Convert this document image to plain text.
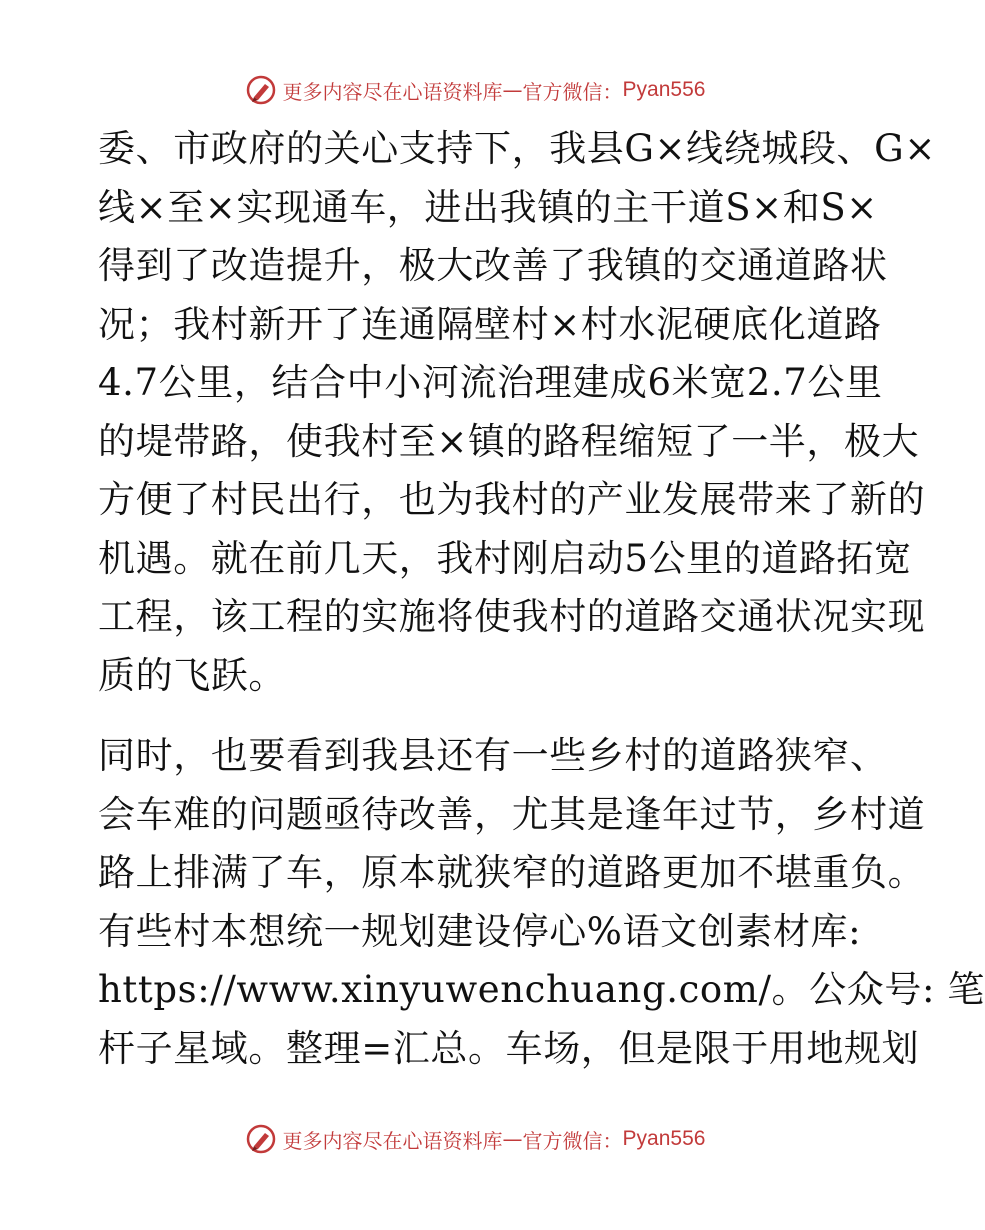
更多内容尽在心语资料库 — 官方微信： Pyan556
委、市政府的关心支持下，我县G×线绕城段、G×
线×至×实现通车，进出我镇的主干道S×和S×
得到了改造提升，极大改善了我镇的交通道路状
况；我村新开了连通隔壁村×村水泥硬底化道路
4.7公里，结合中小河流治理建成6米宽2.7公里
的堤带路，使我村至×镇的路程缩短了一半，极大
方便了村民出行，也为我村的产业发展带来了新的
机遇。就在前几天，我村刚启动5公里的道路拓宽
工程，该工程的实施将使我村的道路交通状况实现
质的飞跃。
同时，也要看到我县还有一些乡村的道路狭窄、
会车难的问题亟待改善，尤其是逢年过节，乡村道
路上排满了车，原本就狭窄的道路更加不堪重负。
有些村本想统一规划建设停心%语文创素材库:
https://www.xinyuwenchuang.com/。公众号: 笔
杆子星域。整理=汇总。车场，但是限于用地规划
更多内容尽在心语资料库 — 官方微信： Pyan556
